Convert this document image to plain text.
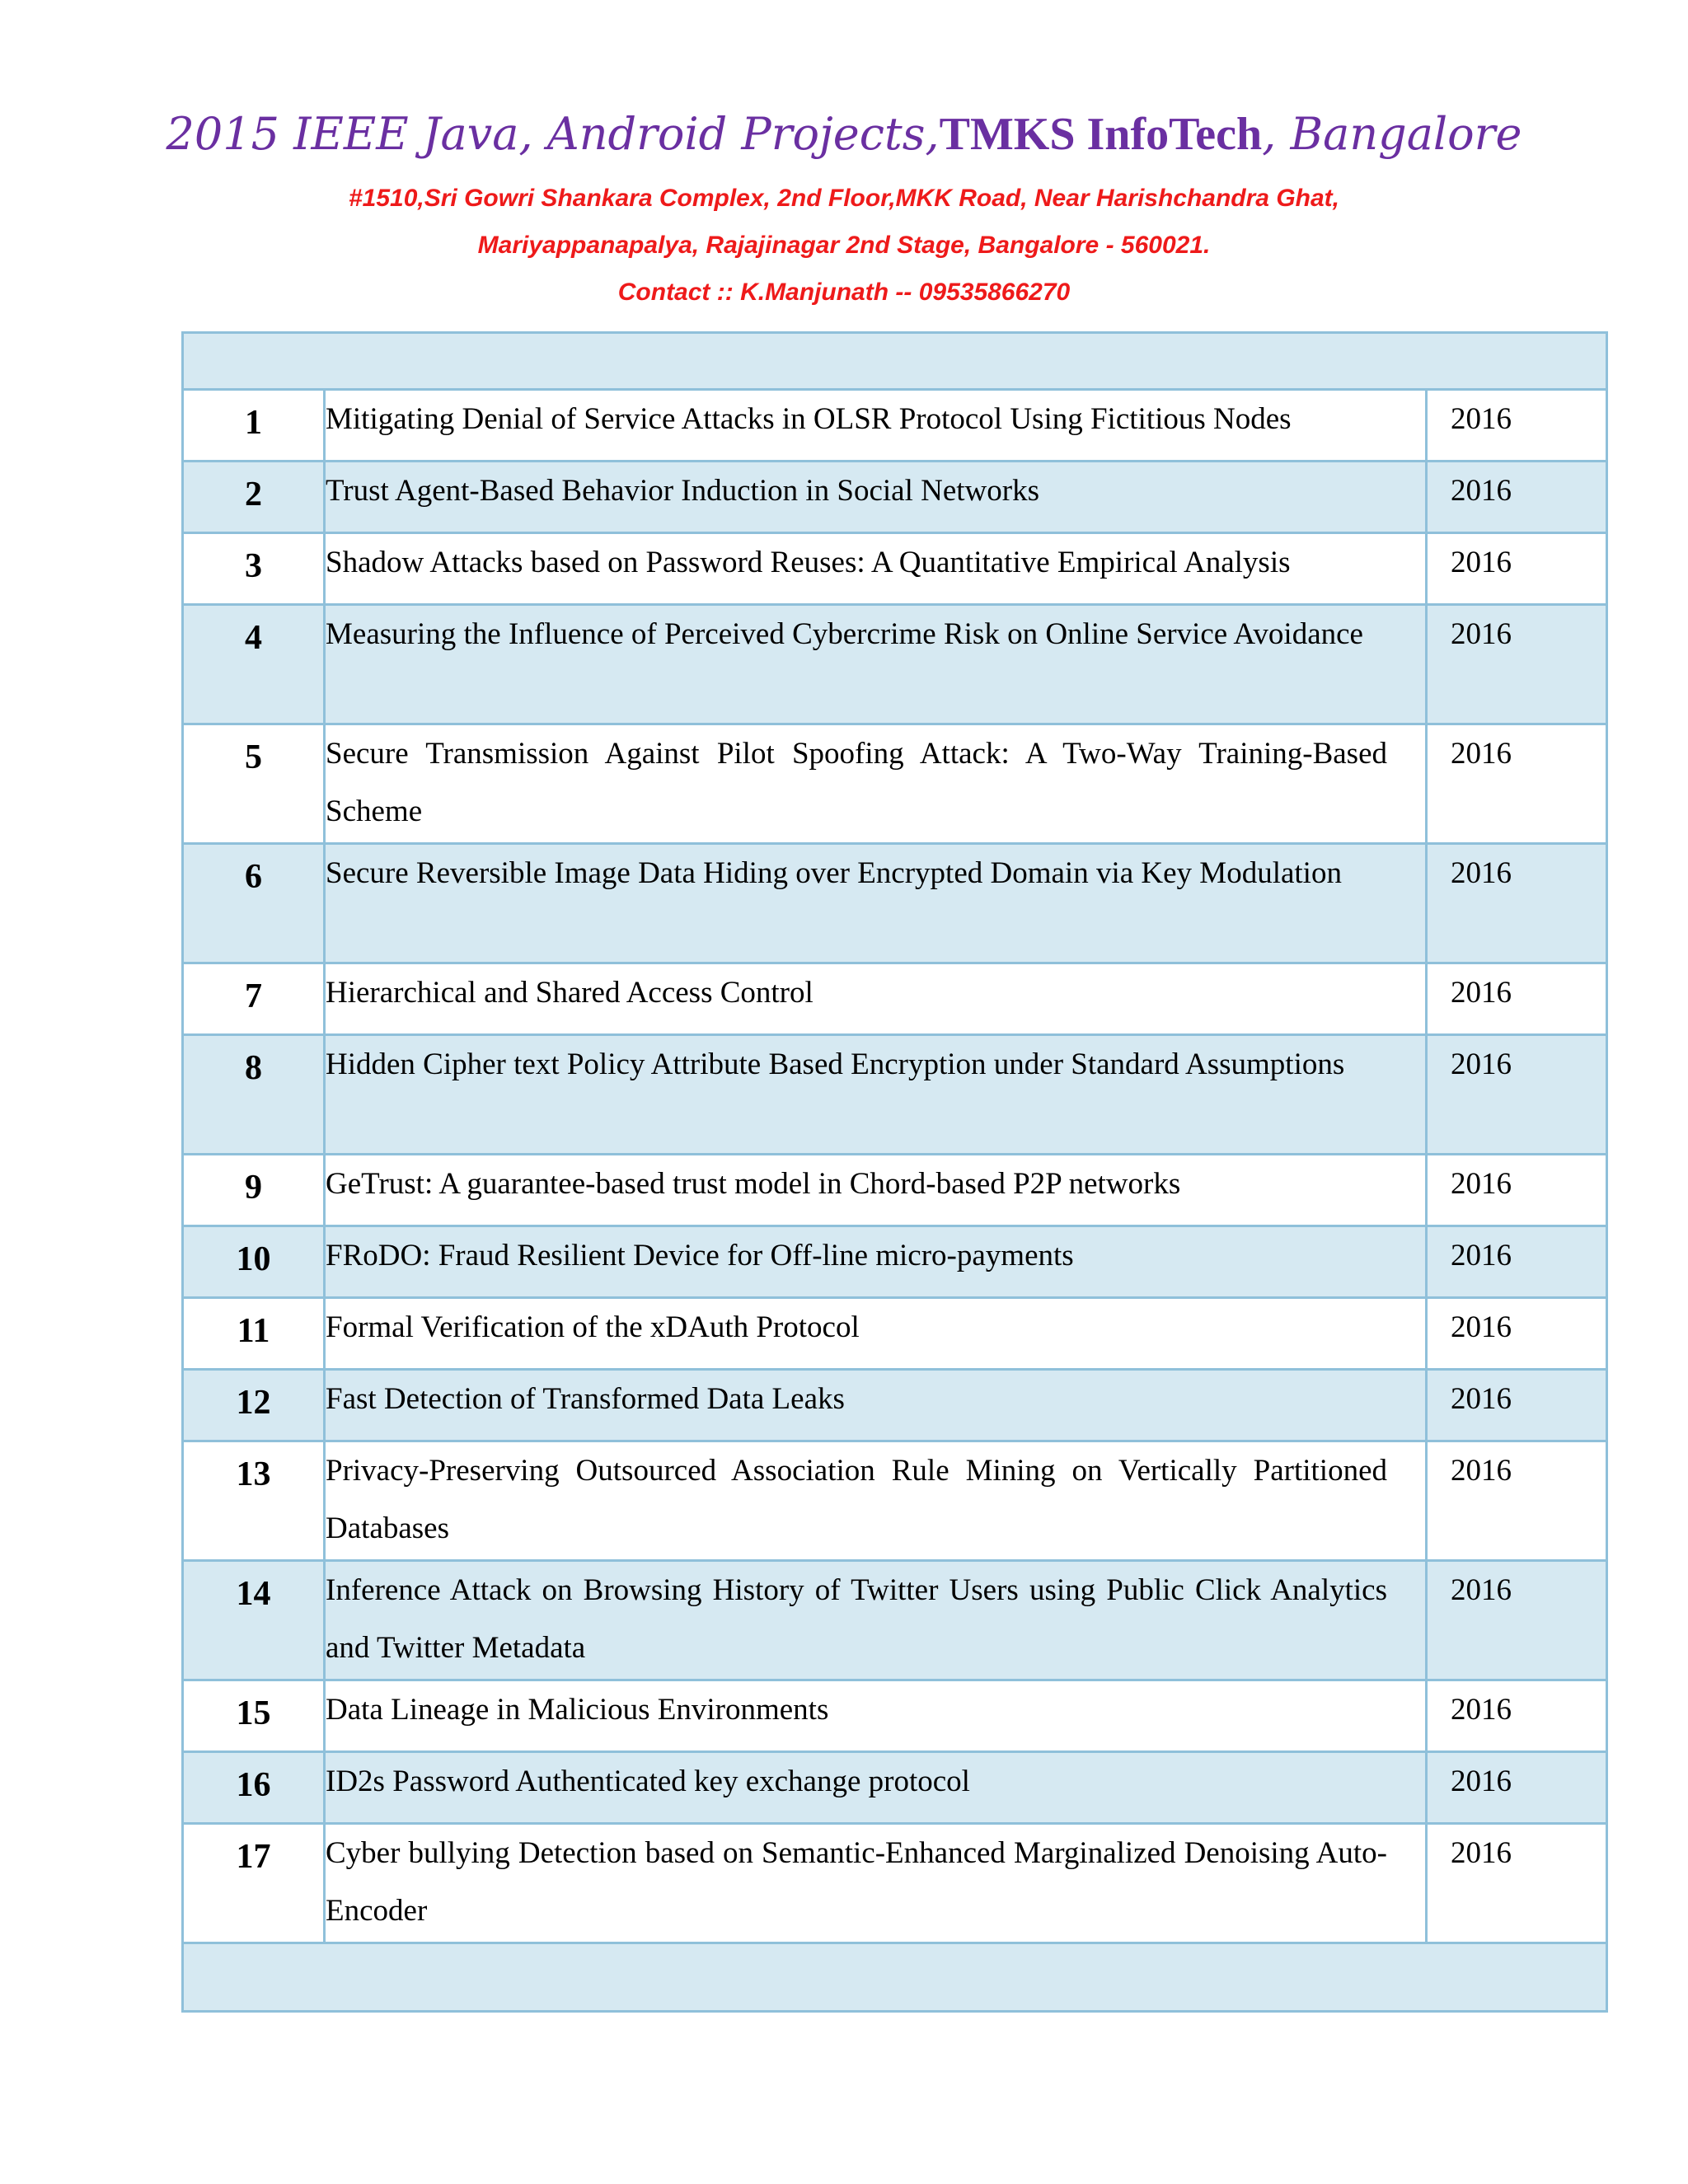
2015 IEEE Java, Android Projects,TMKS InfoTech, Bangalore
#1510,Sri Gowri Shankara Complex, 2nd Floor,MKK Road, Near Harishchandra Ghat,
Mariyappanapalya, Rajajinagar 2nd Stage, Bangalore - 560021.
Contact :: K.Manjunath -- 09535866270

1	Mitigating Denial of Service Attacks in OLSR Protocol Using Fictitious Nodes	2016
2	Trust Agent-Based Behavior Induction in Social Networks	2016
3	Shadow Attacks based on Password Reuses: A Quantitative Empirical Analysis	2016
4	Measuring the Influence of Perceived Cybercrime Risk on Online Service Avoidance	2016
5	Secure Transmission Against Pilot Spoofing Attack: A Two-Way Training-Based Scheme	2016
6	Secure Reversible Image Data Hiding over Encrypted Domain via Key Modulation	2016
7	Hierarchical and Shared Access Control	2016
8	Hidden Cipher text Policy Attribute Based Encryption under Standard Assumptions	2016
9	GeTrust: A guarantee-based trust model in Chord-based P2P networks	2016
10	FRoDO: Fraud Resilient Device for Off-line micro-payments	2016
11	Formal Verification of the xDAuth Protocol	2016
12	Fast Detection of Transformed Data Leaks	2016
13	Privacy-Preserving Outsourced Association Rule Mining on Vertically Partitioned Databases	2016
14	Inference Attack on Browsing History of Twitter Users using Public Click Analytics and Twitter Metadata	2016
15	Data Lineage in Malicious Environments	2016
16	ID2s Password Authenticated key exchange protocol	2016
17	Cyber bullying Detection based on Semantic-Enhanced Marginalized Denoising Auto-Encoder	2016
